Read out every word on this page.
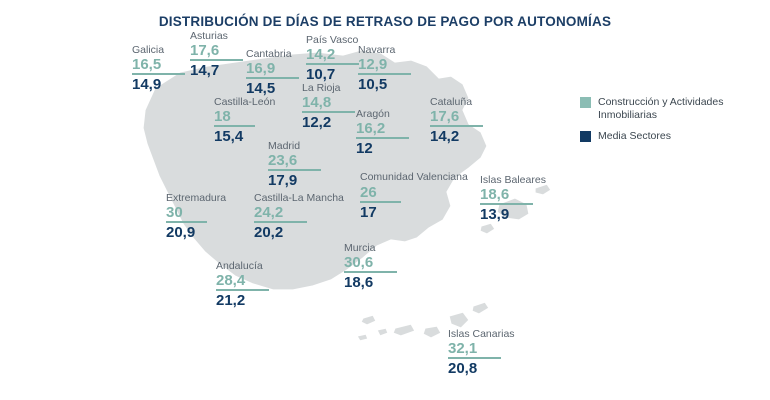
DISTRIBUCIÓN DE DÍAS DE RETRASO DE PAGO POR AUTONOMÍAS
Galicia
16,5
14,9
Asturias
17,6
14,7
Cantabria
16,9
14,5
País Vasco
14,2
10,7
Navarra
12,9
10,5
La Rioja
14,8
12,2
Castilla-León
18
15,4
Aragón
16,2
12
Cataluña
17,6
14,2
Madrid
23,6
17,9
Extremadura
30
20,9
Castilla-La Mancha
24,2
20,2
Comunidad Valenciana
26
17
Islas Baleares
18,6
13,9
Murcia
30,6
18,6
Andalucía
28,4
21,2
Islas Canarias
32,1
20,8
Construcción y Actividades Inmobiliarias
Media Sectores
